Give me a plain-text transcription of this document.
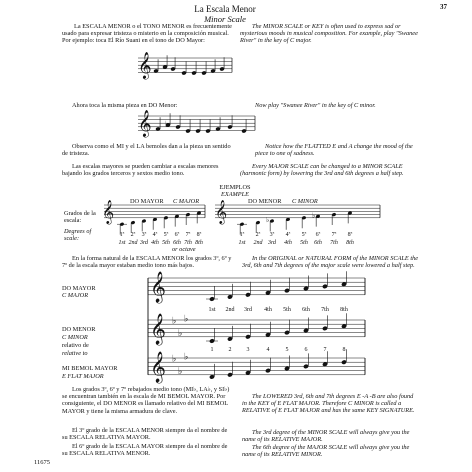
La Escala Menor
Minor Scale
37
La ESCALA MENOR o el TONO MENOR es frecuentemente usado para expresar tristeza o misterio en la composición musical. Por ejemplo: toca El Río Suani en el tono de DO Mayor:
The MINOR SCALE or KEY is often used to express sad or mysterious moods in musical composition. For example, play "Swanee River" in the key of C major.
Ahora toca la misma pieza en DO Menor:	Now play "Swanee River" in the key of C minor.
Observa como el MI y el LA bemoles dan a la pieza un sentido de tristeza.
Notice how the FLATTED E and A change the mood of the piece to one of sadness.
Las escalas mayores se pueden cambiar a escalas menores bajando los grados terceros y sextos medio tono.
Every MAJOR SCALE can be changed to a MINOR SCALE (harmonic form) by lowering the 3rd and 6th degrees a half step.
EJEMPLOS
EXAMPLE
DO MAYOR C MAJOR	DO MENOR C MINOR
Grados de la escala:
Degrees of scale:
or octave
En la forma natural de la ESCALA MENOR los grados 3º, 6º y 7º de la escala mayor estaban medio tono más bajos.
In the ORIGINAL or NATURAL FORM of the MINOR SCALE the 3rd, 6th and 7th degrees of the major scale were lowered a half step.
DO MAYOR
C MAJOR
DO MENOR
C MINOR
relativo de
relative to
MI BEMOL MAYOR
E FLAT MAJOR
Los grados 3º, 6º y 7º rebajados medio tono (MI♭, LA♭, y SI♭) se encuentran también en la escala de MI BEMOL MAYOR. Por consiguiente, el DO MENOR es llamado relativo del MI BEMOL MAYOR y tiene la misma armadura de clave.
The LOWERED 3rd, 6th and 7th degrees E -A -B are also found in the KEY of E FLAT MAJOR. Therefore C MINOR is called a RELATIVE of E FLAT MAJOR and has the same KEY SIGNATURE.
El 3º grado de la ESCALA MENOR siempre da el nombre de su ESCALA RELATIVA MAYOR.
The 3rd degree of the MINOR SCALE will always give you the name of its RELATIVE MAJOR.
El 6º grado de la ESCALA MAYOR siempre da el nombre de su ESCALA RELATIVA MENOR.
The 6th degree of the MAJOR SCALE will always give you the name of its RELATIVE MINOR.
11675
𝄞
𝄞 ♭
𝄞	𝄞	♭
♭
𝄞
𝄞
𝄞
♭
♭
♭
♭
♭
♭
1ª
1st
2ª
2nd
3ª
3rd
4ª
4th
5ª
5th
6ª
6th
7ª
7th
8ª
8th
1ª
1st
2ª
2nd
3ª
3rd
4ª
4th
5ª
5th
6ª
6th
7ª
7th
8ª
8th
1st
1
2nd
2
3rd
3
4th
4
5th
5
6th
6
7th
7
8th
8
